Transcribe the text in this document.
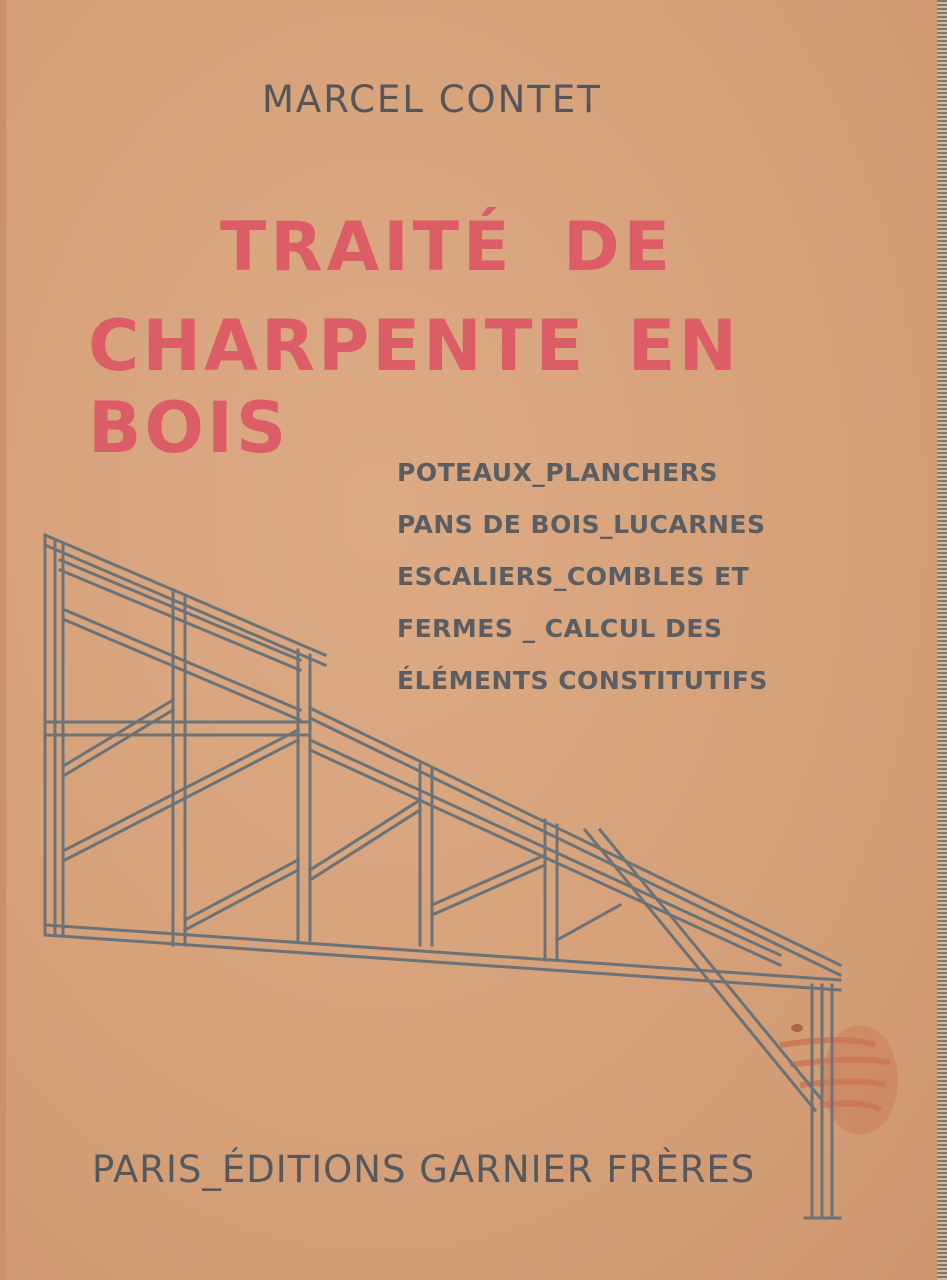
MARCEL CONTET
TRAITÉ DE
CHARPENTE EN BOIS
POTEAUX_PLANCHERS
PANS DE BOIS_LUCARNES
ESCALIERS_COMBLES ET
FERMES _ CALCUL DES
ÉLÉMENTS CONSTITUTIFS
PARIS_ÉDITIONS GARNIER FRÈRES
